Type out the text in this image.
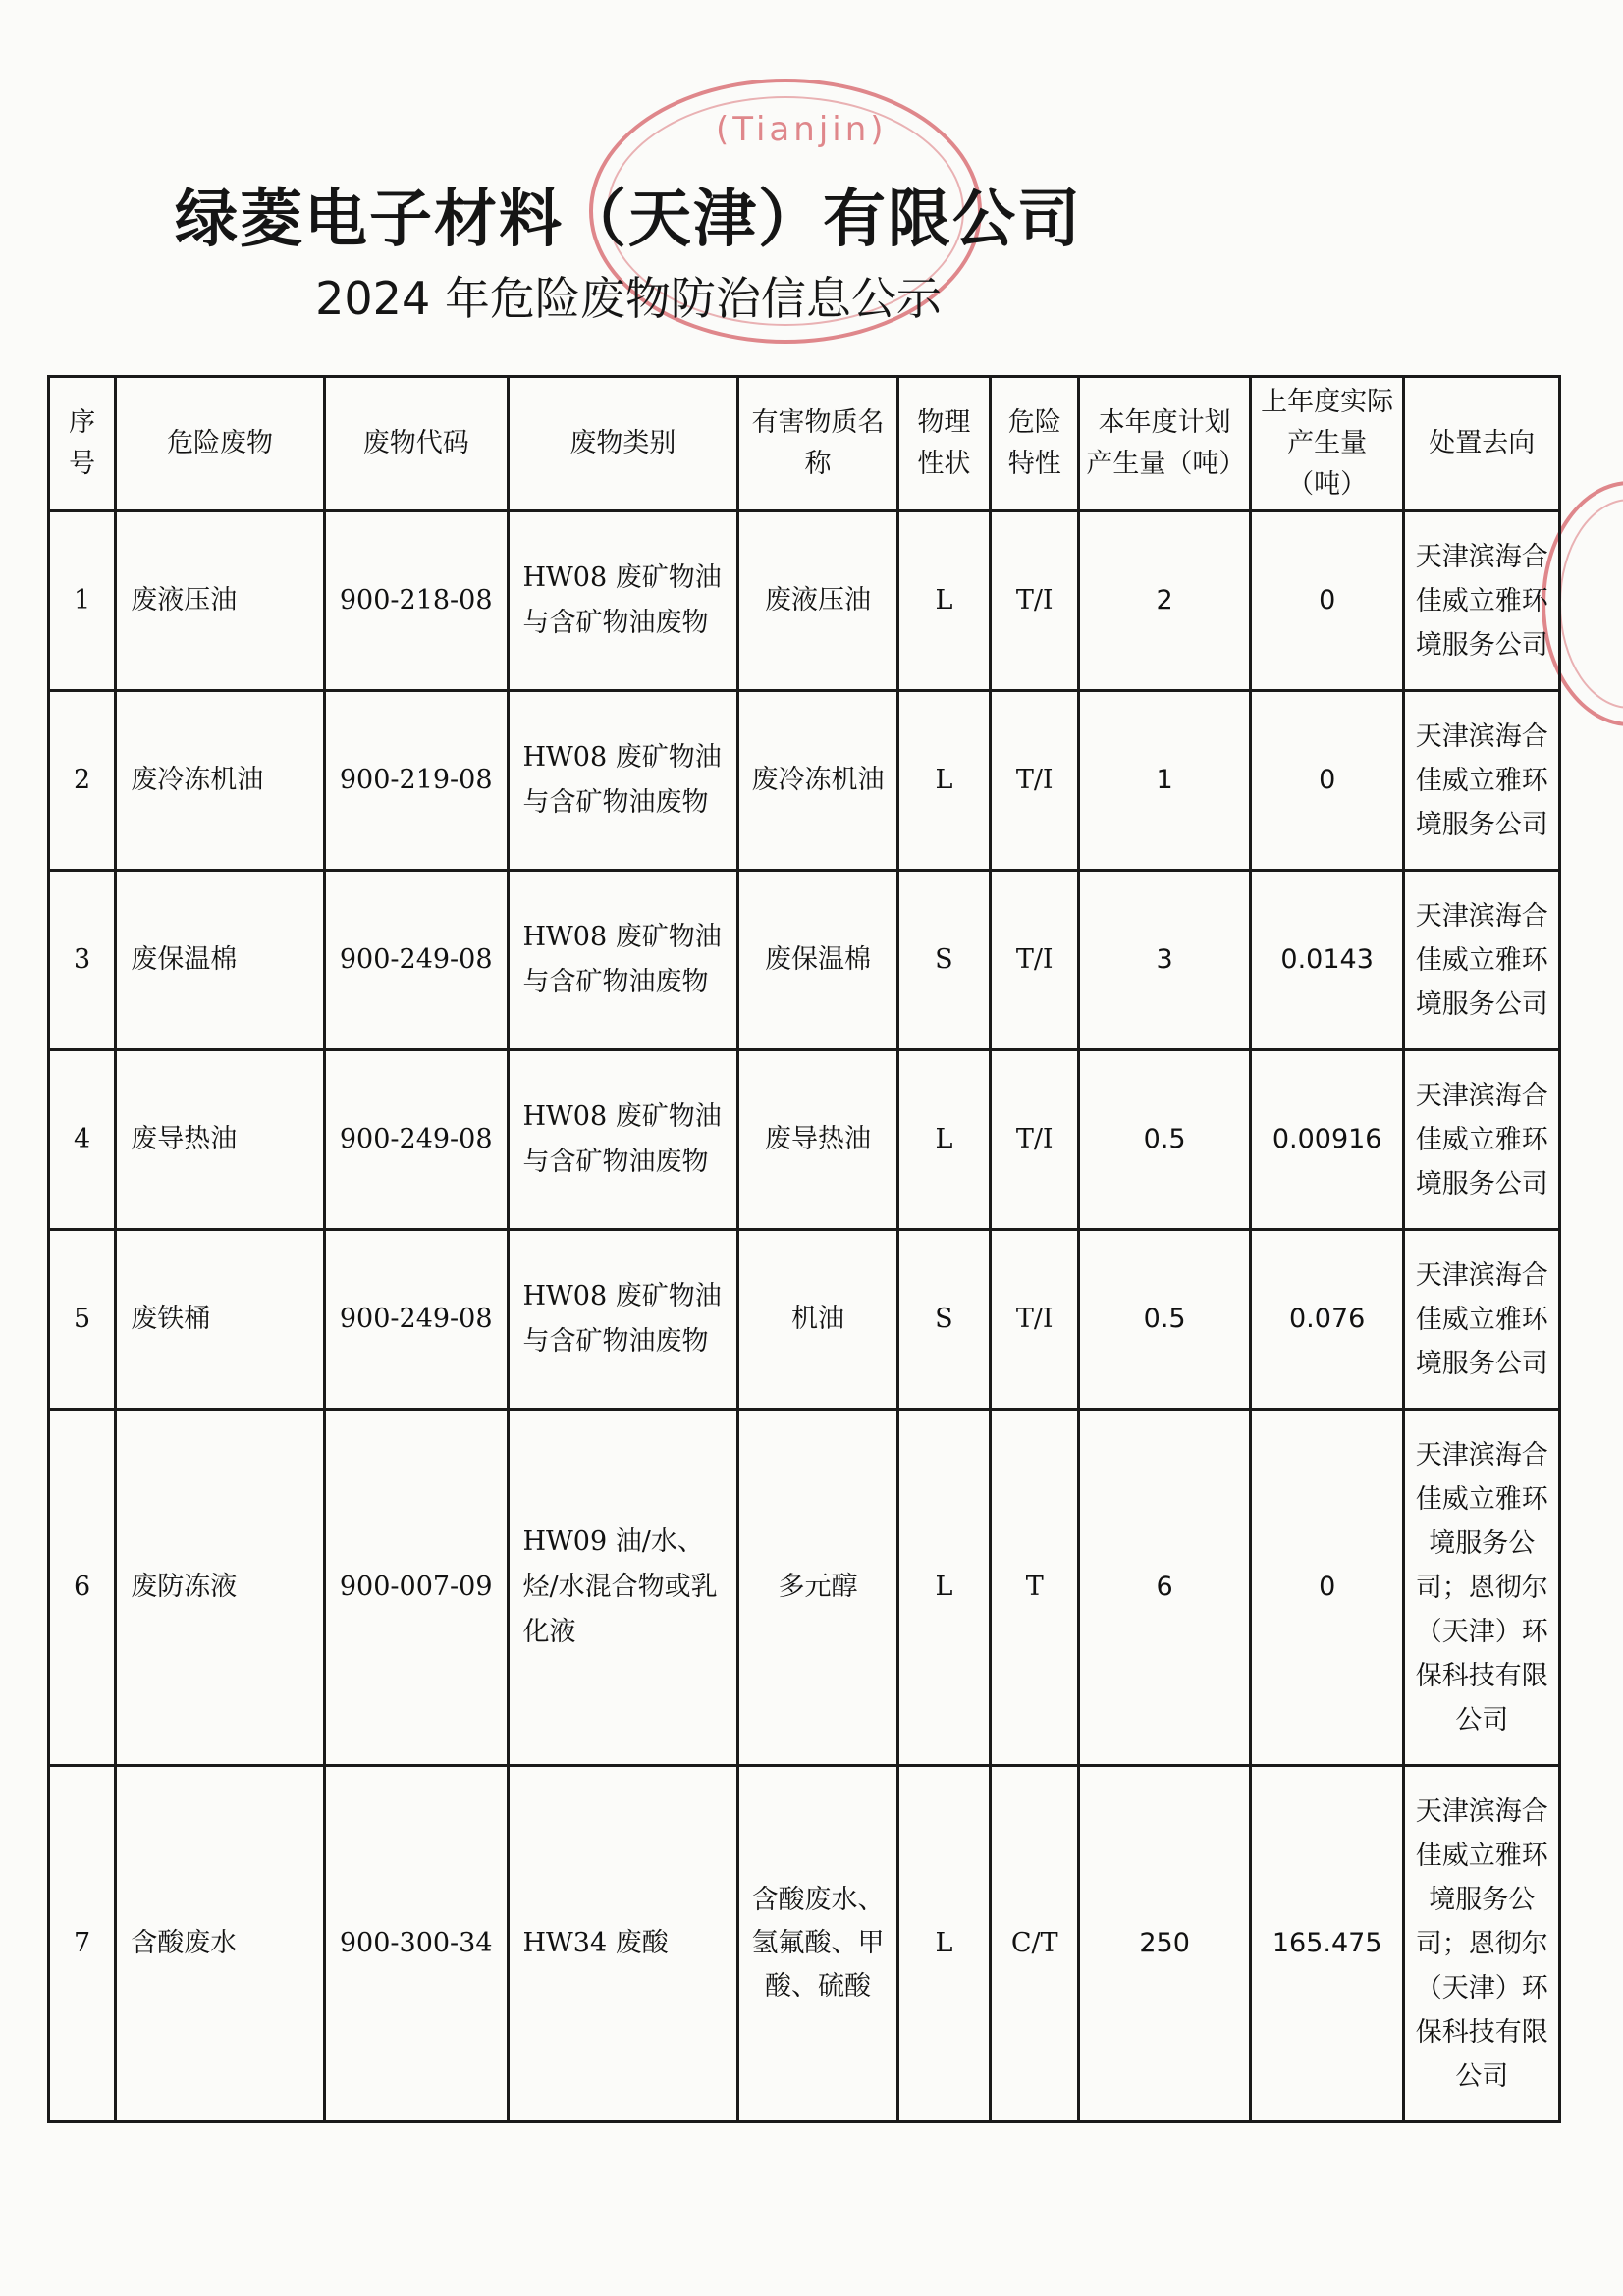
(Tianjin)
绿菱电子材料（天津）有限公司
2024 年危险废物防治信息公示
序号	危险废物	废物代码	废物类别	有害物质名称	物理性状	危险特性	本年度计划产生量（吨）	上年度实际产生量（吨）	处置去向
1	废液压油	900-218-08	HW08 废矿物油与含矿物油废物	废液压油	L	T/I	2	0	天津滨海合佳威立雅环境服务公司
2	废冷冻机油	900-219-08	HW08 废矿物油与含矿物油废物	废冷冻机油	L	T/I	1	0	天津滨海合佳威立雅环境服务公司
3	废保温棉	900-249-08	HW08 废矿物油与含矿物油废物	废保温棉	S	T/I	3	0.0143	天津滨海合佳威立雅环境服务公司
4	废导热油	900-249-08	HW08 废矿物油与含矿物油废物	废导热油	L	T/I	0.5	0.00916	天津滨海合佳威立雅环境服务公司
5	废铁桶	900-249-08	HW08 废矿物油与含矿物油废物	机油	S	T/I	0.5	0.076	天津滨海合佳威立雅环境服务公司
6	废防冻液	900-007-09	HW09 油/水、烃/水混合物或乳化液	多元醇	L	T	6	0	天津滨海合佳威立雅环境服务公司；恩彻尔（天津）环保科技有限公司
7	含酸废水	900-300-34	HW34 废酸	含酸废水、氢氟酸、甲酸、硫酸	L	C/T	250	165.475	天津滨海合佳威立雅环境服务公司；恩彻尔（天津）环保科技有限公司
